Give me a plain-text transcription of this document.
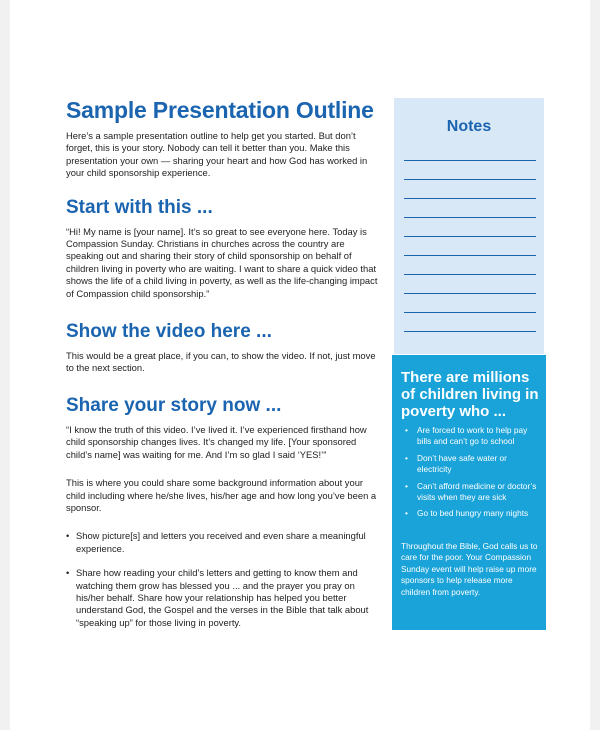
Sample Presentation Outline

Here’s a sample presentation outline to help get you started. But don’t forget, this is your story. Nobody can tell it better than you. Make this presentation your own — sharing your heart and how God has worked in your child sponsorship experience.

Start with this ...

“Hi! My name is [your name]. It’s so great to see everyone here. Today is Compassion Sunday. Christians in churches across the country are speaking out and sharing their story of child sponsorship on behalf of children living in poverty who are waiting. I want to share a quick video that shows the life of a child living in poverty, as well as the life-changing impact of Compassion child sponsorship.”

Show the video here ...

This would be a great place, if you can, to show the video. If not, just move to the next section.

Share your story now ...

“I know the truth of this video. I’ve lived it. I’ve experienced firsthand how child sponsorship changes lives. It’s changed my life. [Your sponsored child’s name] was waiting for me. And I’m so glad I said ‘YES!’”

This is where you could share some background information about your child including where he/she lives, his/her age and how long you’ve been a sponsor.

• Show picture[s] and letters you received and even share a meaningful experience.
• Share how reading your child’s letters and getting to know them and watching them grow has blessed you ... and the prayer you pray on his/her behalf. Share how your relationship has helped you better understand God, the Gospel and the verses in the Bible that talk about “speaking up” for those living in poverty.
Notes
There are millions of children living in poverty who ...
• Are forced to work to help pay bills and can’t go to school
• Don’t have safe water or electricity
• Can’t afford medicine or doctor’s visits when they are sick
• Go to bed hungry many nights

Throughout the Bible, God calls us to care for the poor. Your Compassion Sunday event will help raise up more sponsors to help release more children from poverty.
